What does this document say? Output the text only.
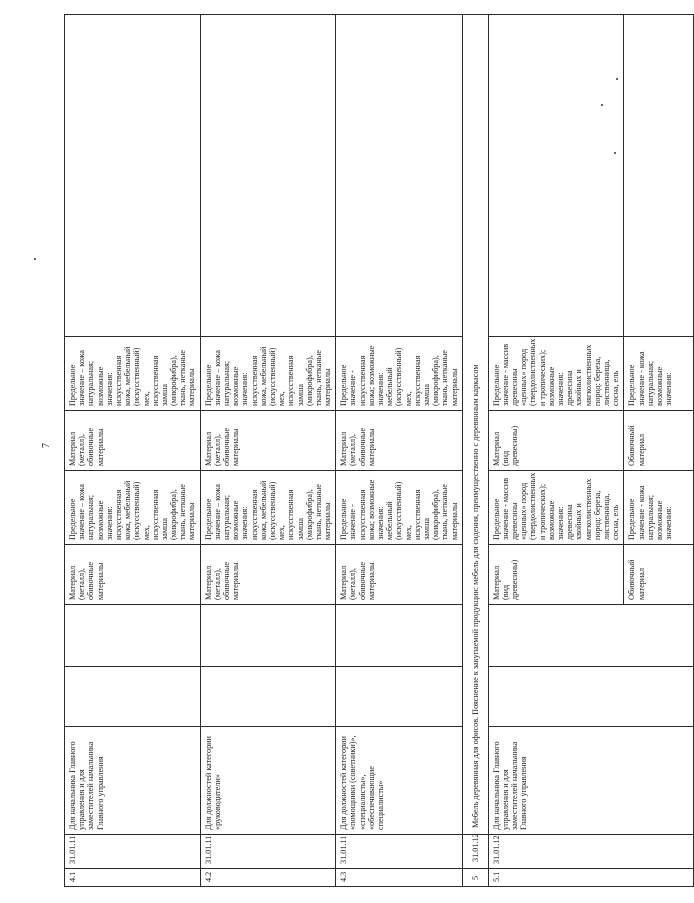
7
4.1	31.01.11	Для начальника Главного управления и для заместителей начальника Главного управления			Материал (металл), обивочные материалы	Предельное значение – кожа натуральная; возможные значения: искусственная кожа, мебельный (искусственный) мех, искусственная замша (микрофибра), ткань, нетканые материалы	Материал (металл), обивочные материалы	Предельное значение – кожа натуральная; возможные значения: искусственная кожа, мебельный (искусственный) мех, искусственная замша (микрофибра), ткань, нетканые материалы	
4.2	31.01.11	Для должностей категории «руководители»			Материал (металл), обивочные материалы	Предельное значение – кожа натуральная; возможные значения: искусственная кожа, мебельный (искусственный) мех, искусственная замша (микрофибра), ткань, нетканые материалы	Материал (металл), обивочные материалы	Предельное значение – кожа натуральная; возможные значения: искусственная кожа, мебельный (искусственный) мех, искусственная замша (микрофибра), ткань, нетканые материалы	
4.3	31.01.11	Для должностей категории «помощники (советники)», «специалисты», «обеспечивающие специалисты»			Материал (металл), обивочные материалы	Предельное значение - искусственная кожа; возможные значения: мебельный (искусственный) мех, искусственная замша (микрофибра), ткань, нетканые материалы	Материал (металл), обивочные материалы	Предельное значение - искусственная кожа; возможные значения: мебельный (искусственный) мех, искусственная замша (микрофибра), ткань, нетканые материалы	
5	31.01.12	Мебель деревянная для офисов. Пояснение к закупаемой продукции: мебель для сидения, преимущественно с деревянным каркасом							
5.1	31.01.12	Для начальника Главного управления и для заместителей начальника Главного управления			Материал (вид древесины)	Предельное значение - массив древесины «ценных» пород (твердолиственных и тропических); возможные значения: древесина хвойных и мягколиственных пород: береза, лиственница, сосна, ель	Материал (вид древесины)	Предельное значение - массив древесины «ценных» пород (твердолиственных и тропических); возможные значения: древесина хвойных и мягколиственных пород: береза, лиственница, сосна, ель	
					Обивочный материал	Предельное значение - кожа натуральная; возможные значения:	Обивочный материал	Предельное значение - кожа натуральная; возможные значения:	
